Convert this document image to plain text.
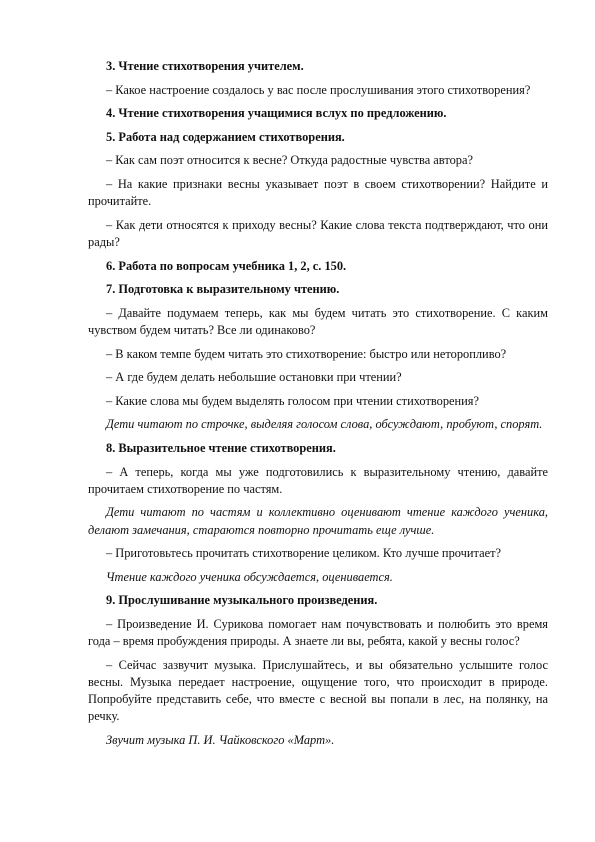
3. Чтение стихотворения учителем.

– Какое настроение создалось у вас после прослушивания этого стихотворения?

4. Чтение стихотворения учащимися вслух по предложению.

5. Работа над содержанием стихотворения.

– Как сам поэт относится к весне? Откуда радостные чувства автора?

– На какие признаки весны указывает поэт в своем стихотворении? Найдите и прочитайте.

– Как дети относятся к приходу весны? Какие слова текста подтверждают, что они рады?

6. Работа по вопросам учебника 1, 2, с. 150.

7. Подготовка к выразительному чтению.

– Давайте подумаем теперь, как мы будем читать это стихотворение. С каким чувством будем читать? Все ли одинаково?

– В каком темпе будем читать это стихотворение: быстро или неторопливо?

– А где будем делать небольшие остановки при чтении?

– Какие слова мы будем выделять голосом при чтении стихотворения?

Дети читают по строчке, выделяя голосом слова, обсуждают, пробуют, спорят.

8. Выразительное чтение стихотворения.

– А теперь, когда мы уже подготовились к выразительному чтению, давайте прочитаем стихотворение по частям.

Дети читают по частям и коллективно оценивают чтение каждого ученика, делают замечания, стараются повторно прочитать еще лучше.

– Приготовьтесь прочитать стихотворение целиком. Кто лучше прочитает?

Чтение каждого ученика обсуждается, оценивается.

9. Прослушивание музыкального произведения.

– Произведение И. Сурикова помогает нам почувствовать и полюбить это время года – время пробуждения природы. А знаете ли вы, ребята, какой у весны голос?

– Сейчас зазвучит музыка. Прислушайтесь, и вы обязательно услышите голос весны. Музыка передает настроение, ощущение того, что происходит в природе. Попробуйте представить себе, что вместе с весной вы попали в лес, на полянку, на речку.

Звучит музыка П. И. Чайковского «Март».
